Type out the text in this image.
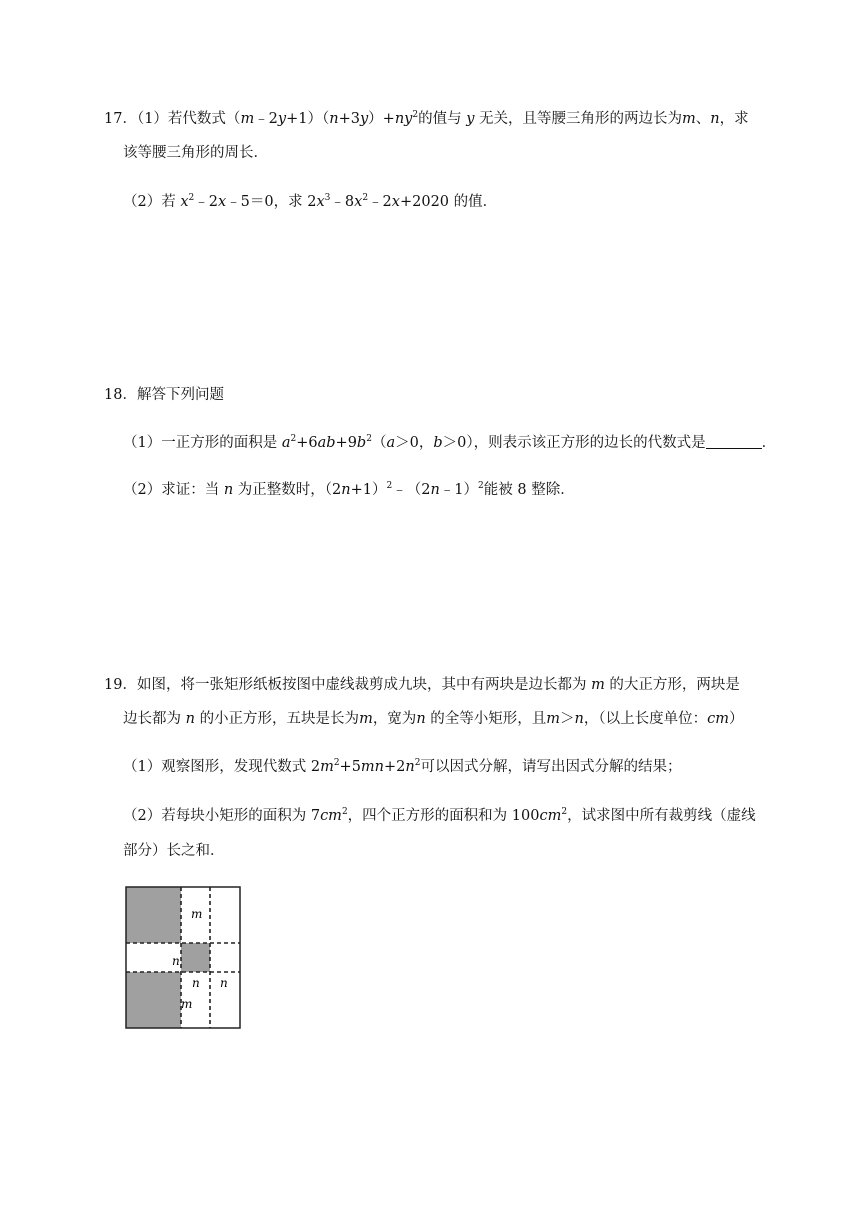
17．（1）若代数式$(m﹣2y+1)(n+3y)+ny^2$的值与 y 无关，且等腰三角形的两边长为m、n，求
该等腰三角形的周长．
（2）若 $x^2﹣2x﹣5=0$，求 $2x^3﹣8x^2﹣2x+2020$ 的值．
18．解答下列问题
（1）一正方形的面积是 $a^2+6ab+9b^2(a>0$，b＞0），则表示该正方形的边长的代数式是	．
（2）求证：当 n 为正整数时，$(2n+1)^2﹣(2n﹣1)^2$能被 8 整除．
19．如图，将一张矩形纸板按图中虚线裁剪成九块，其中有两块是边长都为 m 的大正方形，两块是
边长都为 n 的小正方形，五块是长为m，宽为n 的全等小矩形，且m＞n，（以上长度单位：cm）
（1）观察图形，发现代数式 $2m^2+5mn+2n^2$可以因式分解，请写出因式分解的结果；
（2）若每块小矩形的面积为 $7cm^2$，四个正方形的面积和为 $100cm^2$，试求图中所有裁剪线（虚线
部分）长之和．
m
n
n n
m
